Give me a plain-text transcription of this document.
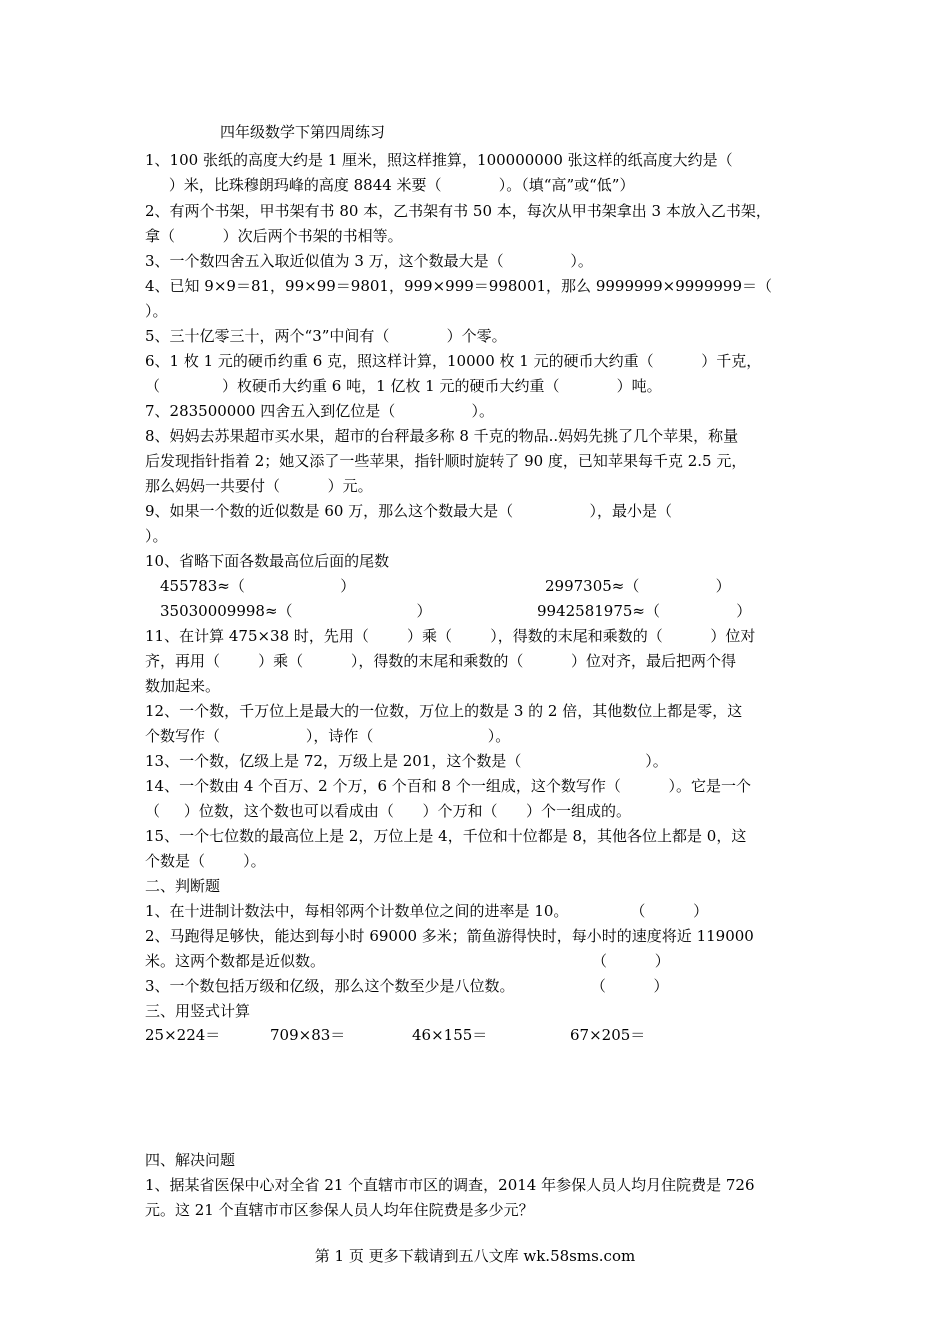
四年级数学下第四周练习
1、100 张纸的高度大约是 1 厘米，照这样推算，100000000 张这样的纸高度大约是（
）米，比珠穆朗玛峰的高度 8844 米要（            ）。（填“高”或“低”）
2、有两个书架，甲书架有书 80 本，乙书架有书 50 本，每次从甲书架拿出 3 本放入乙书架，
拿（          ）次后两个书架的书相等。
3、一个数四舍五入取近似值为 3 万，这个数最大是（              ）。
4、已知 9×9＝81，99×99＝9801，999×999＝998001，那么 9999999×9999999＝（
）。
5、三十亿零三十，两个“3”中间有（            ）个零。
6、1 枚 1 元的硬币约重 6 克，照这样计算，10000 枚 1 元的硬币大约重（          ）千克，
（             ）枚硬币大约重 6 吨，1 亿枚 1 元的硬币大约重（            ）吨。
7、283500000 四舍五入到亿位是（                ）。
8、妈妈去苏果超市买水果，超市的台秤最多称 8 千克的物品..妈妈先挑了几个苹果，称量
后发现指针指着 2；她又添了一些苹果，指针顺时旋转了 90 度，已知苹果每千克 2.5 元，
那么妈妈一共要付（          ）元。
9、如果一个数的近似数是 60 万，那么这个数最大是（                ），最小是（
）。
10、省略下面各数最高位后面的尾数
455783≈（                    ）	2997305≈（                ）
35030009998≈（                          ）	9942581975≈（                ）
11、在计算 475×38 时，先用（        ）乘（        ），得数的末尾和乘数的（          ）位对
齐，再用（        ）乘（          ），得数的末尾和乘数的（          ）位对齐，最后把两个得
数加起来。
12、一个数，千万位上是最大的一位数，万位上的数是 3 的 2 倍，其他数位上都是零，这
个数写作（                  ），诗作（                        ）。
13、一个数，亿级上是 72，万级上是 201，这个数是（                          ）。
14、一个数由 4 个百万、2 个万，6 个百和 8 个一组成，这个数写作（          ）。它是一个
（     ）位数，这个数也可以看成由（      ）个万和（      ）个一组成的。
15、一个七位数的最高位上是 2，万位上是 4，千位和十位都是 8，其他各位上都是 0，这
个数是（        ）。
二、判断题
1、在十进制计数法中，每相邻两个计数单位之间的进率是 10。             （          ）
2、马跑得足够快，能达到每小时 69000 多米；箭鱼游得快时，每小时的速度将近 119000
米。这两个数都是近似数。                                                        （          ）
3、一个数包括万级和亿级，那么这个数至少是八位数。                （          ）
三、用竖式计算
25×224＝	709×83＝	46×155＝	67×205＝
四、解决问题
1、据某省医保中心对全省 21 个直辖市市区的调查，2014 年参保人员人均月住院费是 726
元。这 21 个直辖市市区参保人员人均年住院费是多少元？
第 1 页 更多下载请到五八文库 wk.58sms.com
